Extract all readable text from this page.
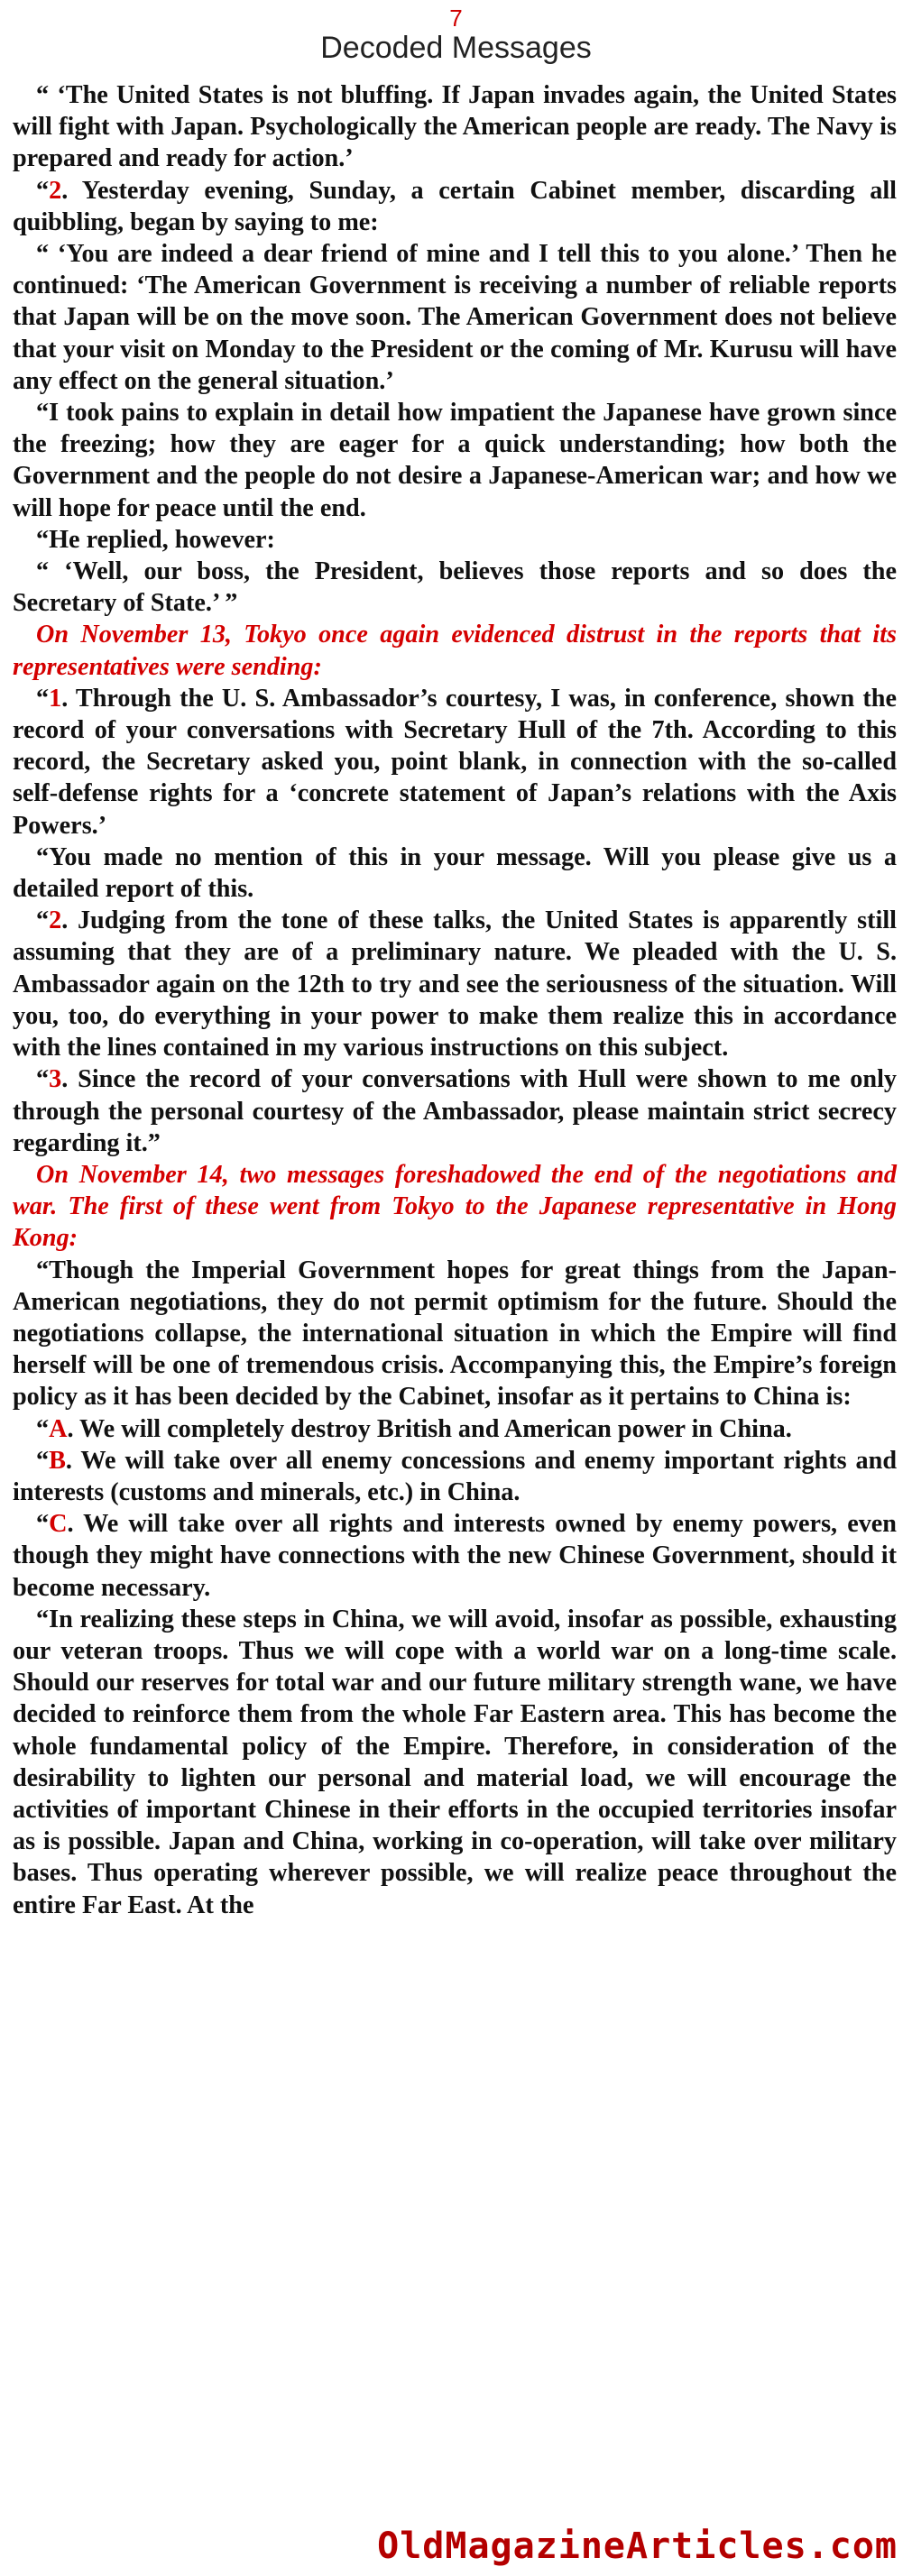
7
Decoded Messages

“ ‘The United States is not bluffing. If Japan invades again, the United States will fight with Japan. Psychologically the American people are ready. The Navy is prepared and ready for action.’

“2. Yesterday evening, Sunday, a certain Cabinet member, discarding all quibbling, began by saying to me:

“ ‘You are indeed a dear friend of mine and I tell this to you alone.’ Then he continued: ‘The American Government is receiving a number of reliable reports that Japan will be on the move soon. The American Government does not believe that your visit on Monday to the President or the coming of Mr. Kurusu will have any effect on the general situation.’

“I took pains to explain in detail how impatient the Japanese have grown since the freezing; how they are eager for a quick understanding; how both the Government and the people do not desire a Japanese-American war; and how we will hope for peace until the end.

“He replied, however:

“ ‘Well, our boss, the President, believes those reports and so does the Secretary of State.’ ”

On November 13, Tokyo once again evidenced distrust in the reports that its representatives were sending:

“1. Through the U. S. Ambassador’s courtesy, I was, in conference, shown the record of your conversations with Secretary Hull of the 7th. According to this record, the Secretary asked you, point blank, in connection with the so-called self-defense rights for a ‘concrete statement of Japan’s relations with the Axis Powers.’

“You made no mention of this in your message. Will you please give us a detailed report of this.

“2. Judging from the tone of these talks, the United States is apparently still assuming that they are of a preliminary nature. We pleaded with the U. S. Ambassador again on the 12th to try and see the seriousness of the situation. Will you, too, do everything in your power to make them realize this in accordance with the lines contained in my various instructions on this subject.

“3. Since the record of your conversations with Hull were shown to me only through the personal courtesy of the Ambassador, please maintain strict secrecy regarding it.”

On November 14, two messages foreshadowed the end of the negotiations and war. The first of these went from Tokyo to the Japanese representative in Hong Kong:

“Though the Imperial Government hopes for great things from the Japan-American negotiations, they do not permit optimism for the future. Should the negotiations collapse, the international situation in which the Empire will find herself will be one of tremendous crisis. Accompanying this, the Empire’s foreign policy as it has been decided by the Cabinet, insofar as it pertains to China is:

“A. We will completely destroy British and American power in China.

“B. We will take over all enemy concessions and enemy important rights and interests (customs and minerals, etc.) in China.

“C. We will take over all rights and interests owned by enemy powers, even though they might have connections with the new Chinese Government, should it become necessary.

“In realizing these steps in China, we will avoid, insofar as possible, exhausting our veteran troops. Thus we will cope with a world war on a long-time scale. Should our reserves for total war and our future military strength wane, we have decided to reinforce them from the whole Far Eastern area. This has become the whole fundamental policy of the Empire. Therefore, in consideration of the desirability to lighten our personal and material load, we will encourage the activities of important Chinese in their efforts in the occupied territories insofar as is possible. Japan and China, working in co-operation, will take over military bases. Thus operating wherever possible, we will realize peace throughout the entire Far East. At the

OldMagazineArticles.com
